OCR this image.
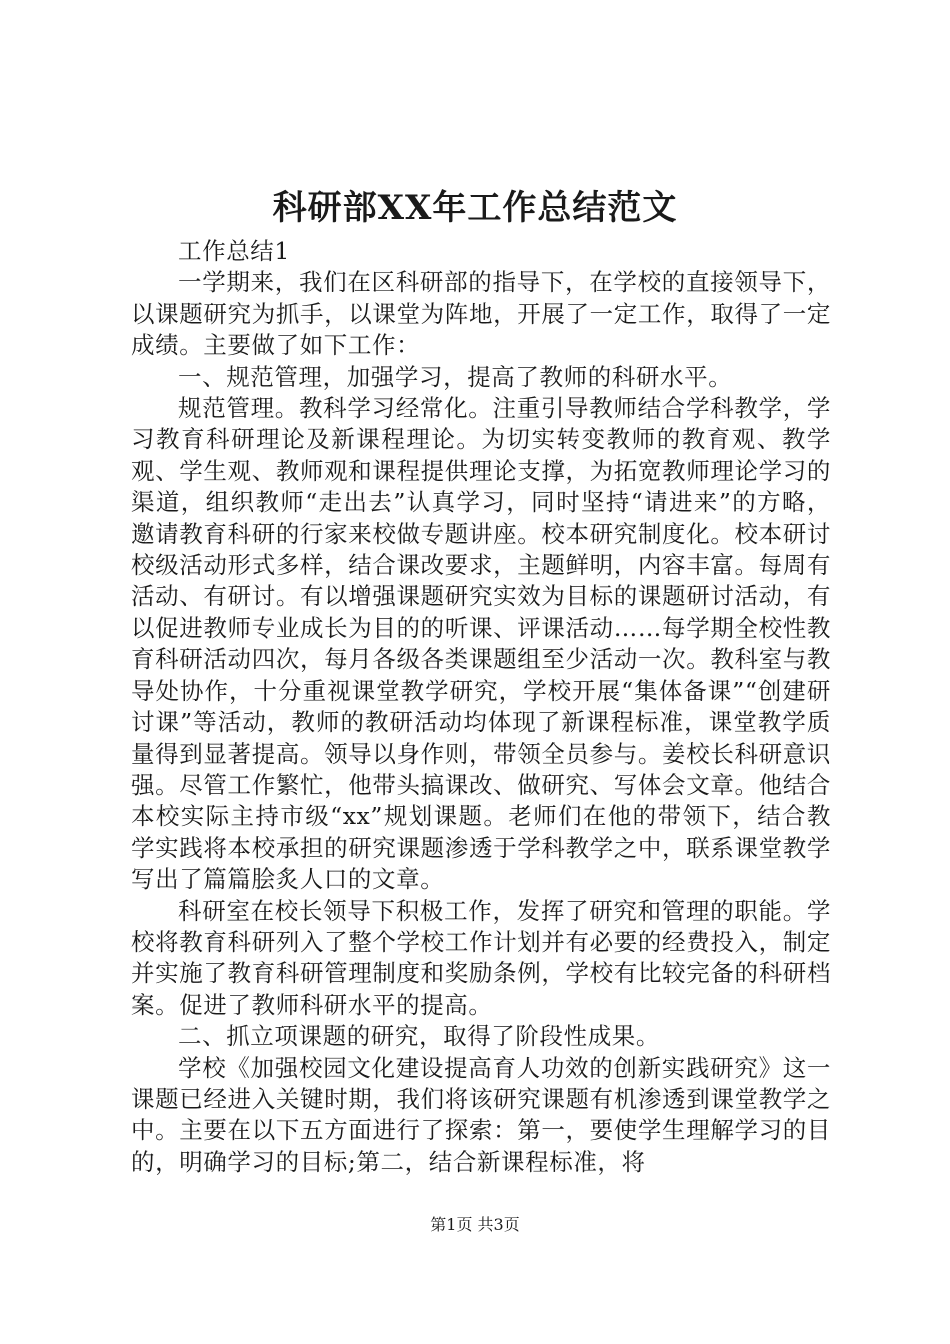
科研部XX年工作总结范文

工作总结1

一学期来，我们在区科研部的指导下，在学校的直接领导下，以课题研究为抓手，以课堂为阵地，开展了一定工作，取得了一定成绩。主要做了如下工作：

一、规范管理，加强学习，提高了教师的科研水平。

规范管理。教科学习经常化。注重引导教师结合学科教学，学习教育科研理论及新课程理论。为切实转变教师的教育观、教学观、学生观、教师观和课程提供理论支撑，为拓宽教师理论学习的渠道，组织教师“走出去”认真学习，同时坚持“请进来”的方略，邀请教育科研的行家来校做专题讲座。校本研究制度化。校本研讨校级活动形式多样，结合课改要求，主题鲜明，内容丰富。每周有活动、有研讨。有以增强课题研究实效为目标的课题研讨活动，有以促进教师专业成长为目的的听课、评课活动……每学期全校性教育科研活动四次，每月各级各类课题组至少活动一次。教科室与教导处协作，十分重视课堂教学研究，学校开展“集体备课”“创建研讨课”等活动，教师的教研活动均体现了新课程标准，课堂教学质量得到显著提高。领导以身作则，带领全员参与。姜校长科研意识强。尽管工作繁忙，他带头搞课改、做研究、写体会文章。他结合本校实际主持市级“xx”规划课题。老师们在他的带领下，结合教学实践将本校承担的研究课题渗透于学科教学之中，联系课堂教学写出了篇篇脍炙人口的文章。

科研室在校长领导下积极工作，发挥了研究和管理的职能。学校将教育科研列入了整个学校工作计划并有必要的经费投入，制定并实施了教育科研管理制度和奖励条例，学校有比较完备的科研档案。促进了教师科研水平的提高。

二、抓立项课题的研究，取得了阶段性成果。

学校《加强校园文化建设提高育人功效的创新实践研究》这一课题已经进入关键时期，我们将该研究课题有机渗透到课堂教学之中。主要在以下五方面进行了探索：第一，要使学生理解学习的目的，明确学习的目标;第二，结合新课程标准，将

第1页 共3页
